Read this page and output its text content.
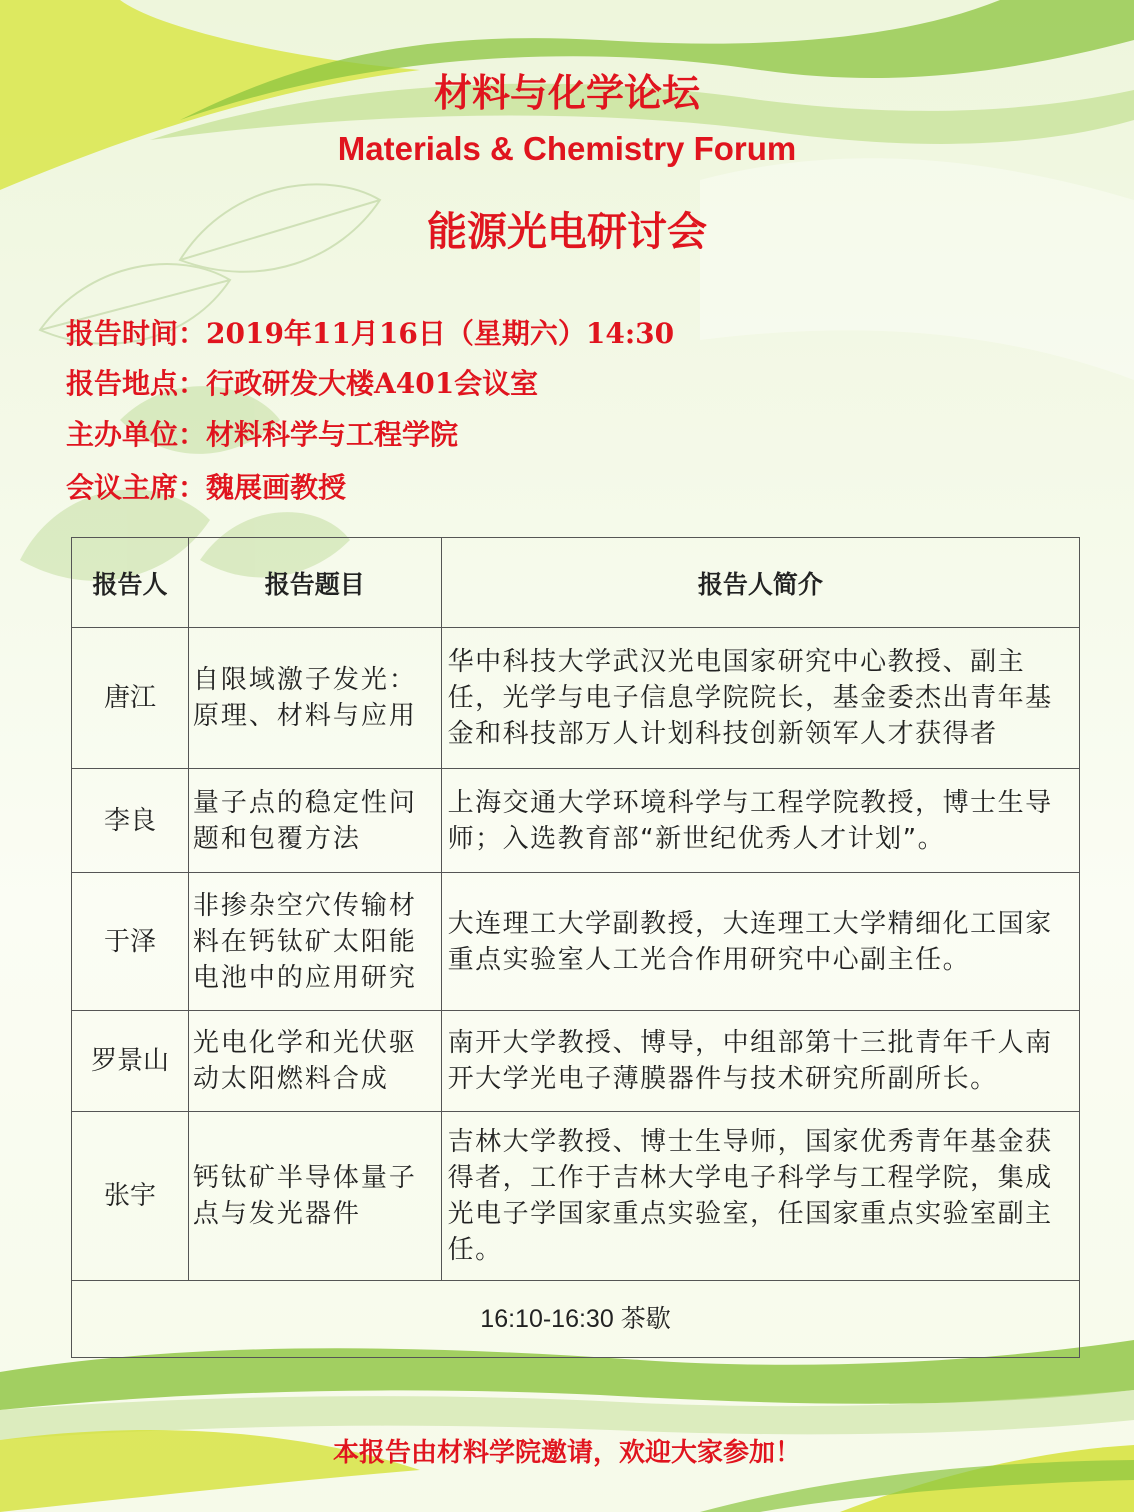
材料与化学论坛
Materials & Chemistry Forum
能源光电研讨会

报告时间：2019年11月16日（星期六）14:30

报告地点：行政研发大楼A401会议室

主办单位：材料科学与工程学院

会议主席：魏展画教授

报告人	报告题目	报告人简介
唐江	自限域激子发光：原理、材料与应用	华中科技大学武汉光电国家研究中心教授、副主任，光学与电子信息学院院长，基金委杰出青年基金和科技部万人计划科技创新领军人才获得者
李良	量子点的稳定性问题和包覆方法	上海交通大学环境科学与工程学院教授，博士生导师；入选教育部“新世纪优秀人才计划”。
于泽	非掺杂空穴传输材料在钙钛矿太阳能电池中的应用研究	大连理工大学副教授，大连理工大学精细化工国家重点实验室人工光合作用研究中心副主任。
罗景山	光电化学和光伏驱动太阳燃料合成	南开大学教授、博导，中组部第十三批青年千人南开大学光电子薄膜器件与技术研究所副所长。
张宇	钙钛矿半导体量子点与发光器件	吉林大学教授、博士生导师，国家优秀青年基金获得者，工作于吉林大学电子科学与工程学院，集成光电子学国家重点实验室，任国家重点实验室副主任。
16:10-16:30 茶歇		

本报告由材料学院邀请，欢迎大家参加！
